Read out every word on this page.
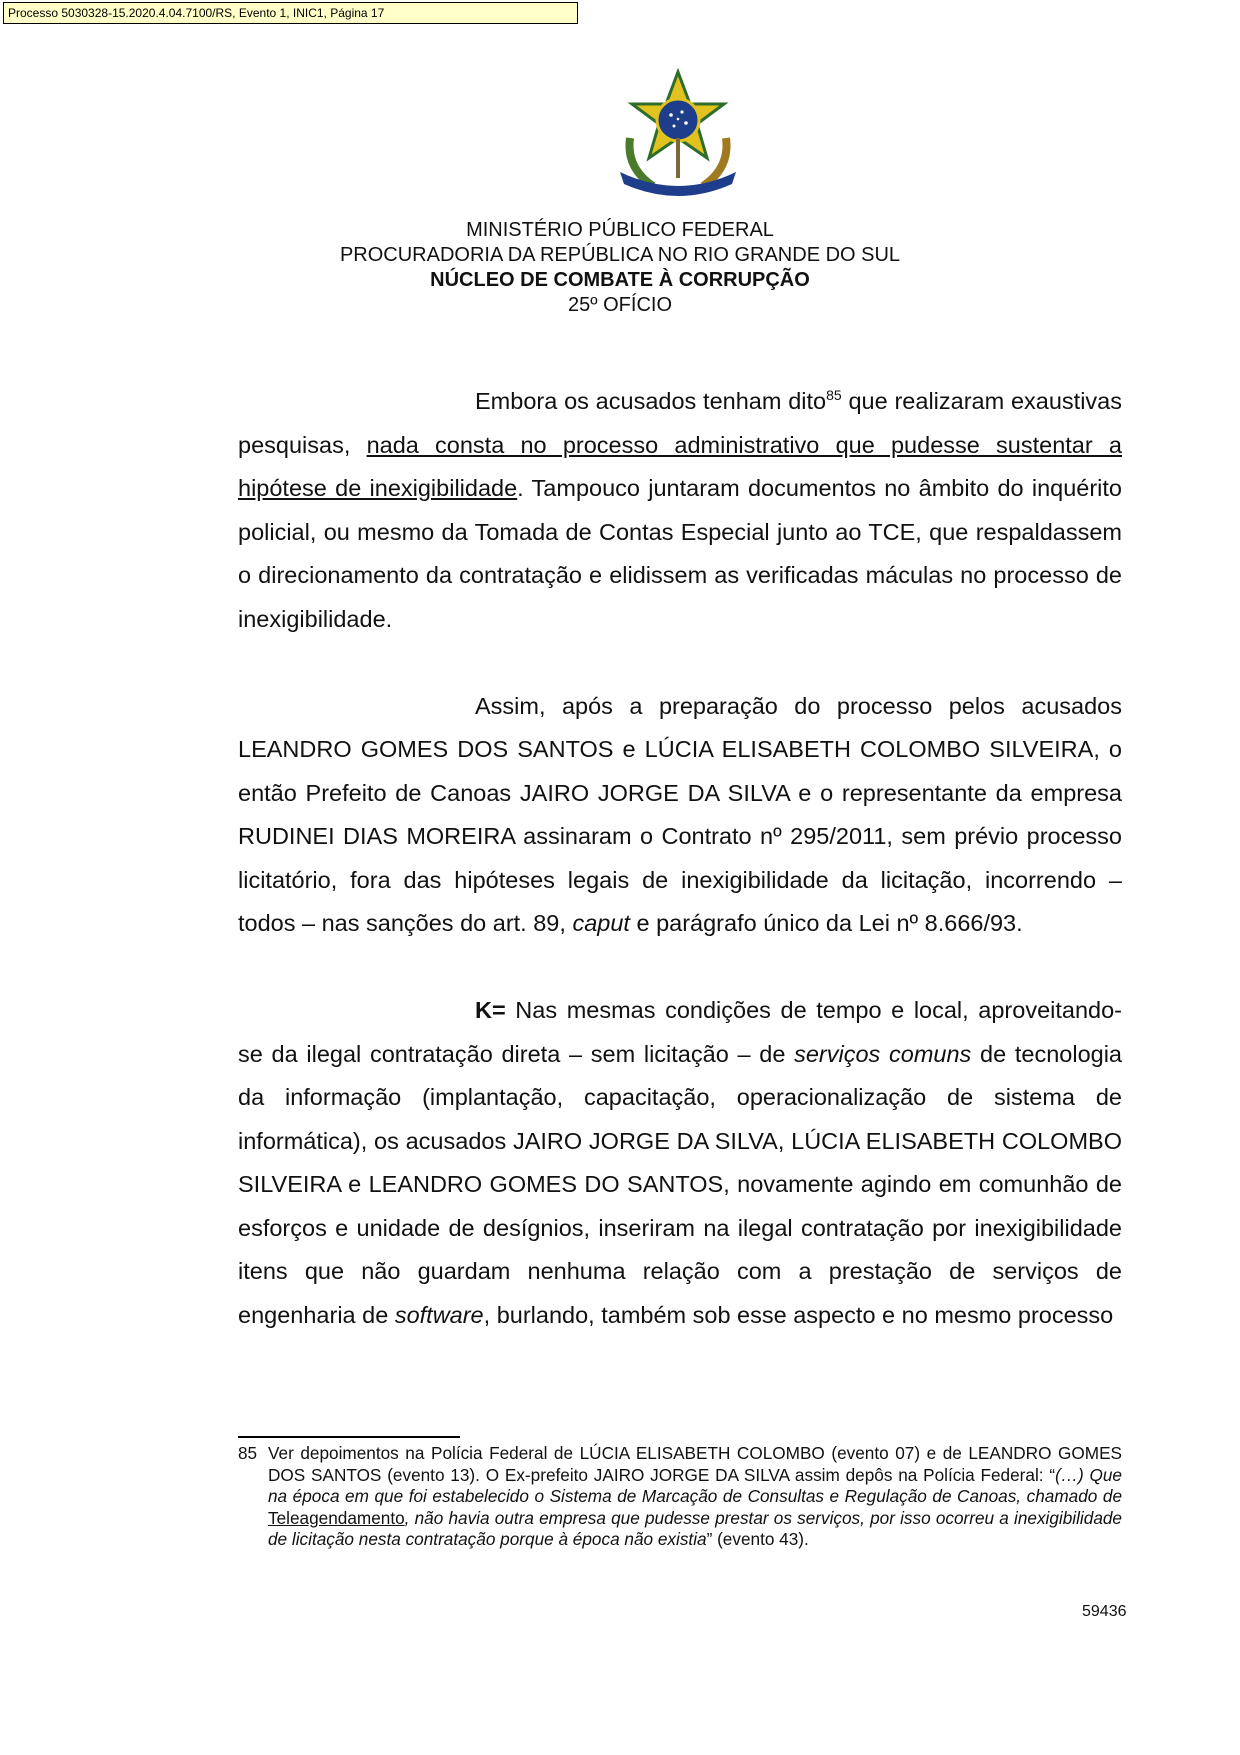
Processo 5030328-15.2020.4.04.7100/RS, Evento 1, INIC1, Página 17
MINISTÉRIO PÚBLICO FEDERAL
PROCURADORIA DA REPÚBLICA NO RIO GRANDE DO SUL
NÚCLEO DE COMBATE À CORRUPÇÃO
25º OFÍCIO

Embora os acusados tenham dito$^{85}$ que realizaram exaustivas pesquisas, nada consta no processo administrativo que pudesse sustentar a hipótese de inexigibilidade. Tampouco juntaram documentos no âmbito do inquérito policial, ou mesmo da Tomada de Contas Especial junto ao TCE, que respaldassem o direcionamento da contratação e elidissem as verificadas máculas no processo de inexigibilidade.

Assim, após a preparação do processo pelos acusados LEANDRO GOMES DOS SANTOS e LÚCIA ELISABETH COLOMBO SILVEIRA, o então Prefeito de Canoas JAIRO JORGE DA SILVA e o representante da empresa RUDINEI DIAS MOREIRA assinaram o Contrato nº 295/2011, sem prévio processo licitatório, fora das hipóteses legais de inexigibilidade da licitação, incorrendo – todos – nas sanções do art. 89, caput e parágrafo único da Lei nº 8.666/93.

K= Nas mesmas condições de tempo e local, aproveitando-se da ilegal contratação direta – sem licitação – de serviços comuns de tecnologia da informação (implantação, capacitação, operacionalização de sistema de informática), os acusados JAIRO JORGE DA SILVA, LÚCIA ELISABETH COLOMBO SILVEIRA e LEANDRO GOMES DO SANTOS, novamente agindo em comunhão de esforços e unidade de desígnios, inseriram na ilegal contratação por inexigibilidade itens que não guardam nenhuma relação com a prestação de serviços de engenharia de software, burlando, também sob esse aspecto e no mesmo processo

85 Ver depoimentos na Polícia Federal de LÚCIA ELISABETH COLOMBO (evento 07) e de LEANDRO GOMES DOS SANTOS (evento 13). O Ex-prefeito JAIRO JORGE DA SILVA assim depôs na Polícia Federal: “(…) Que na época em que foi estabelecido o Sistema de Marcação de Consultas e Regulação de Canoas, chamado de Teleagendamento, não havia outra empresa que pudesse prestar os serviços, por isso ocorreu a inexigibilidade de licitação nesta contratação porque à época não existia” (evento 43).
59436
